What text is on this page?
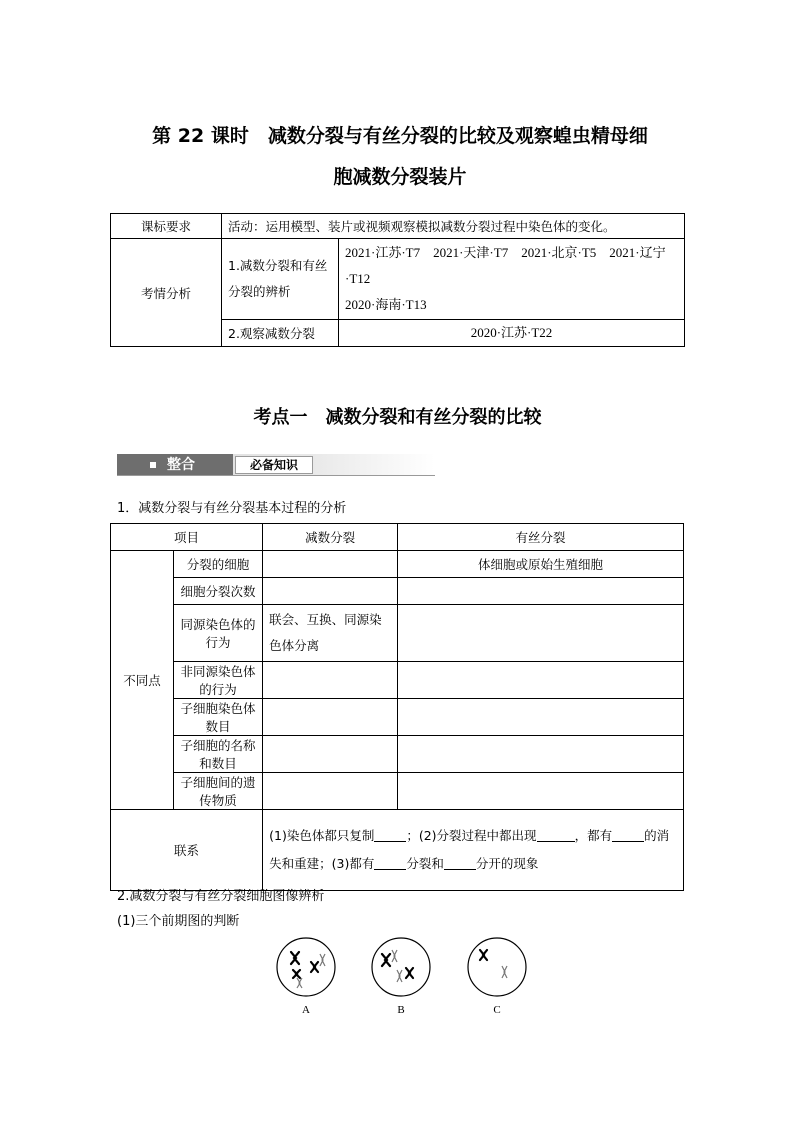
第 22 课时　减数分裂与有丝分裂的比较及观察蝗虫精母细
胞减数分裂装片
课标要求	活动：运用模型、装片或视频观察模拟减数分裂过程中染色体的变化。	
考情分析	1.减数分裂和有丝分裂的辨析	2021·江苏·T7　2021·天津·T7　2021·北京·T5　2021·辽宁·T12
2020·海南·T13

	2.观察减数分裂	2020·江苏·T22
考点一　减数分裂和有丝分裂的比较
整合	必备知识
1．减数分裂与有丝分裂基本过程的分析
项目		减数分裂	有丝分裂
不同点	分裂的细胞		体细胞或原始生殖细胞
	细胞分裂次数		
	同源染色体的行为	联会、互换、同源染色体分离	
	非同源染色体的行为		
	子细胞染色体数目		
	子细胞的名称和数目		
	子细胞间的遗传物质		
联系		(1)染色体都只复制 ；(2)分裂过程中都出现 ，都有 的消失和重建；(3)都有 分裂和 分开的现象	
2.减数分裂与有丝分裂细胞图像辨析
(1)三个前期图的判断
A	B	C
